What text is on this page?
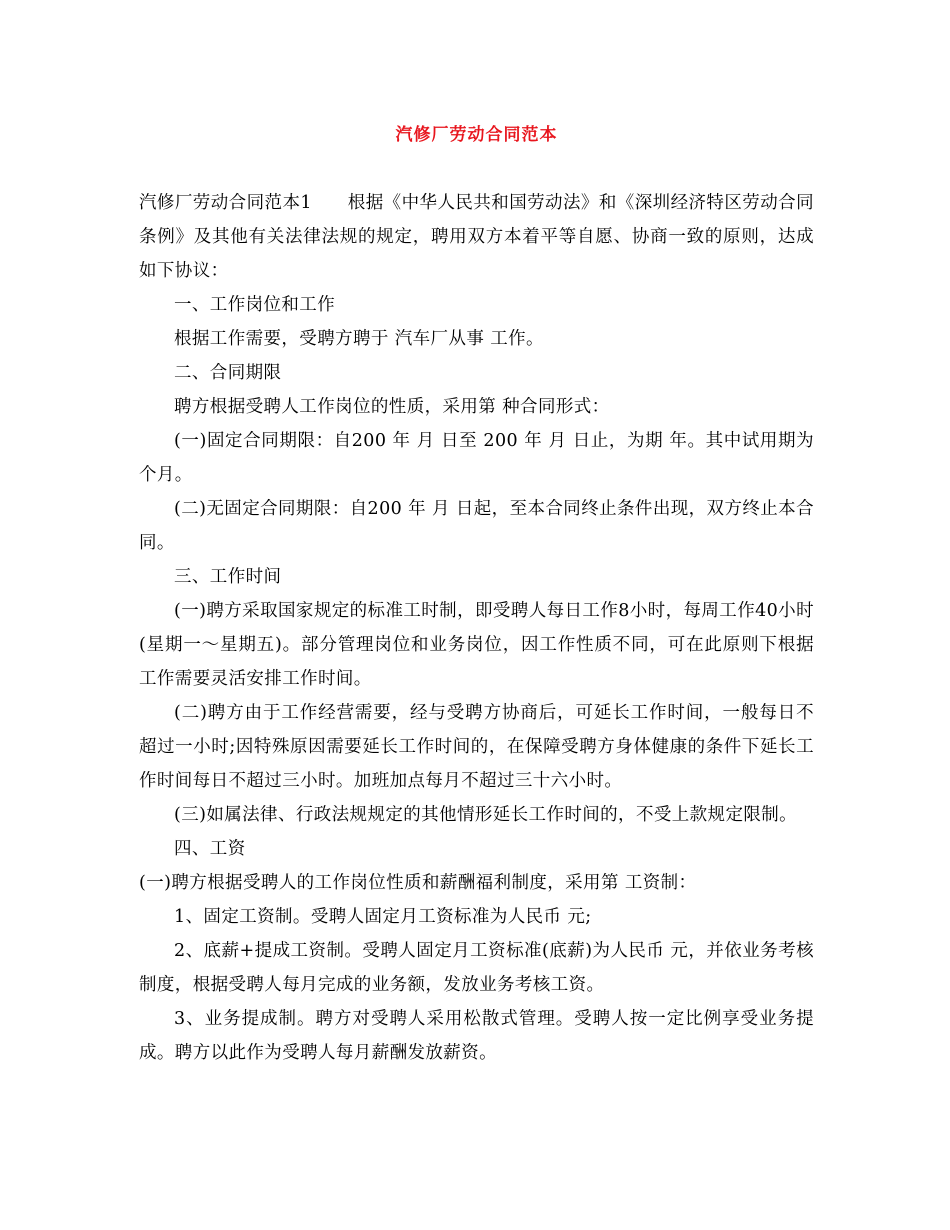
汽修厂劳动合同范本

汽修厂劳动合同范本1　　根据《中华人民共和国劳动法》和《深圳经济特区劳动合同条例》及其他有关法律法规的规定，聘用双方本着平等自愿、协商一致的原则，达成如下协议：

一、工作岗位和工作

根据工作需要，受聘方聘于 汽车厂从事 工作。

二、合同期限

聘方根据受聘人工作岗位的性质，采用第 种合同形式：

(一)固定合同期限：自200 年 月 日至 200 年 月 日止，为期 年。其中试用期为 个月。

(二)无固定合同期限：自200 年 月 日起，至本合同终止条件出现，双方终止本合同。

三、工作时间

(一)聘方采取国家规定的标准工时制，即受聘人每日工作8小时，每周工作40小时(星期一～星期五)。部分管理岗位和业务岗位，因工作性质不同，可在此原则下根据工作需要灵活安排工作时间。

(二)聘方由于工作经营需要，经与受聘方协商后，可延长工作时间，一般每日不超过一小时;因特殊原因需要延长工作时间的，在保障受聘方身体健康的条件下延长工作时间每日不超过三小时。加班加点每月不超过三十六小时。

(三)如属法律、行政法规规定的其他情形延长工作时间的，不受上款规定限制。

四、工资

(一)聘方根据受聘人的工作岗位性质和薪酬福利制度，采用第 工资制：

1、固定工资制。受聘人固定月工资标准为人民币 元;

2、底薪+提成工资制。受聘人固定月工资标准(底薪)为人民币 元，并依业务考核制度，根据受聘人每月完成的业务额，发放业务考核工资。

3、业务提成制。聘方对受聘人采用松散式管理。受聘人按一定比例享受业务提成。聘方以此作为受聘人每月薪酬发放薪资。
